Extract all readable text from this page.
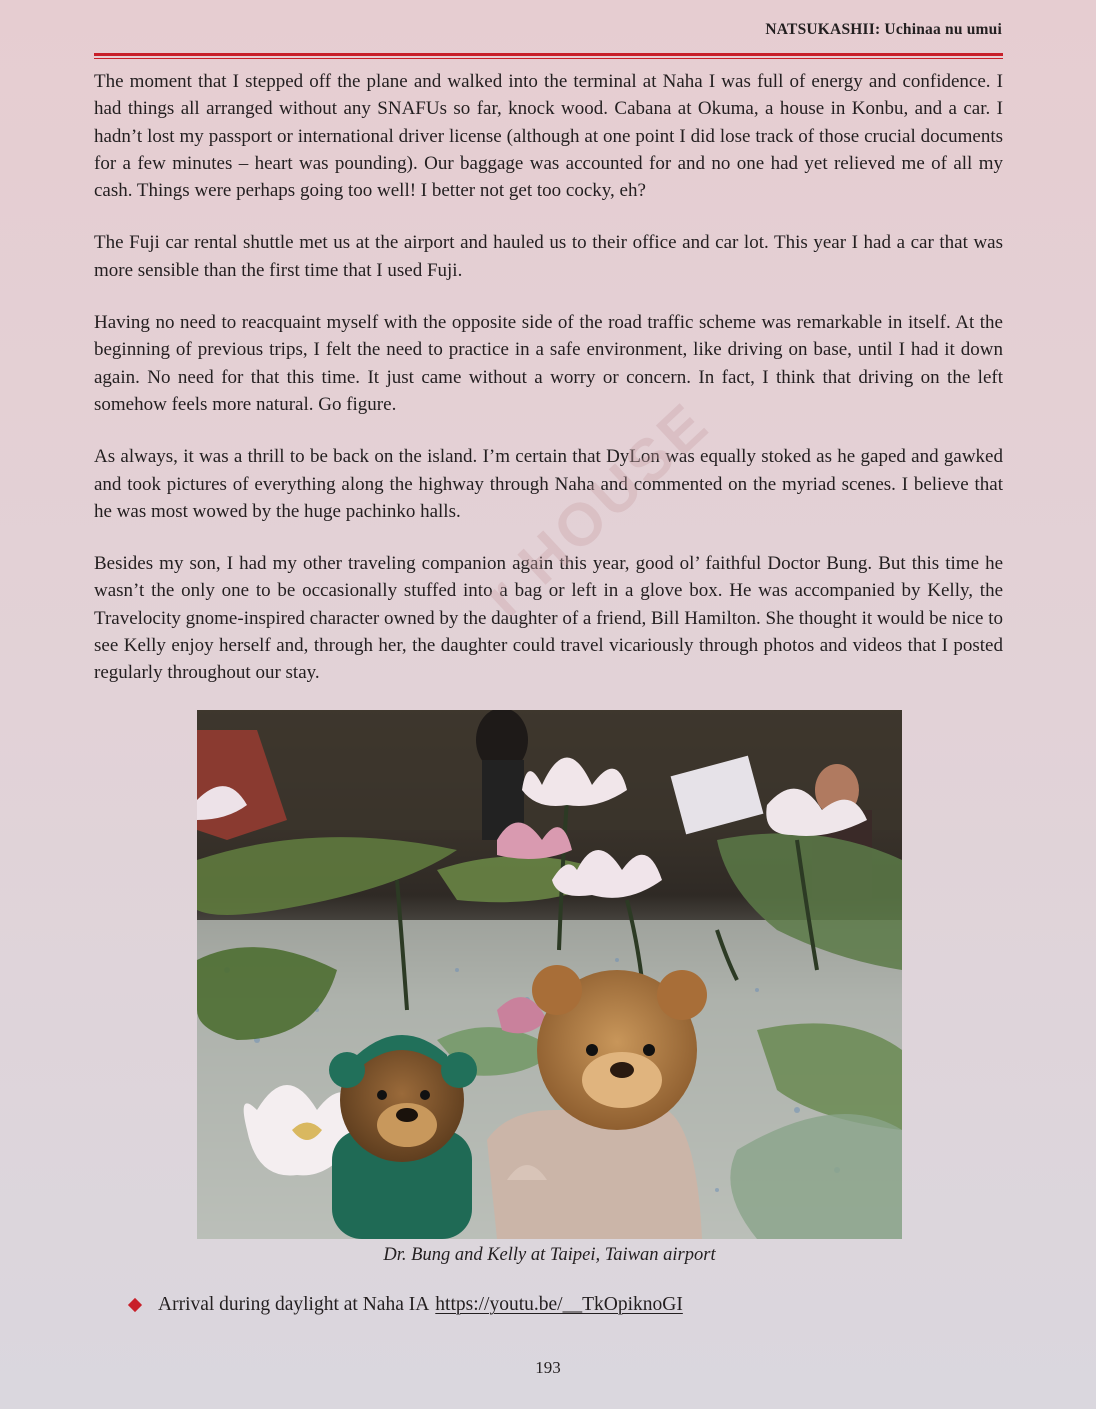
NATSUKASHII: Uchinaa nu umui

The moment that I stepped off the plane and walked into the terminal at Naha I was full of energy and confidence. I had things all arranged without any SNAFUs so far, knock wood. Cabana at Okuma, a house in Konbu, and a car. I hadn’t lost my passport or international driver license (although at one point I did lose track of those crucial documents for a few minutes – heart was pounding). Our baggage was accounted for and no one had yet relieved me of all my cash. Things were perhaps going too well! I better not get too cocky, eh?

The Fuji car rental shuttle met us at the airport and hauled us to their office and car lot. This year I had a car that was more sensible than the first time that I used Fuji.

Having no need to reacquaint myself with the opposite side of the road traffic scheme was remarkable in itself. At the beginning of previous trips, I felt the need to practice in a safe environment, like driving on base, until I had it down again. No need for that this time. It just came without a worry or concern. In fact, I think that driving on the left somehow feels more natural. Go figure.

As always, it was a thrill to be back on the island. I’m certain that DyLon was equally stoked as he gaped and gawked and took pictures of everything along the highway through Naha and commented on the myriad scenes. I believe that he was most wowed by the huge pachinko halls.

Besides my son, I had my other traveling companion again this year, good ol’ faithful Doctor Bung. But this time he wasn’t the only one to be occasionally stuffed into a bag or left in a glove box. He was accompanied by Kelly, the Travelocity gnome-inspired character owned by the daughter of a friend, Bill Hamilton. She thought it would be nice to see Kelly enjoy herself and, through her, the daughter could travel vicariously through photos and videos that I posted regularly throughout our stay.

r HOUSE
Dr. Bung and Kelly at Taipei, Taiwan airport
Arrival during daylight at Naha IA https://youtu.be/__TkOpiknoGI
193
